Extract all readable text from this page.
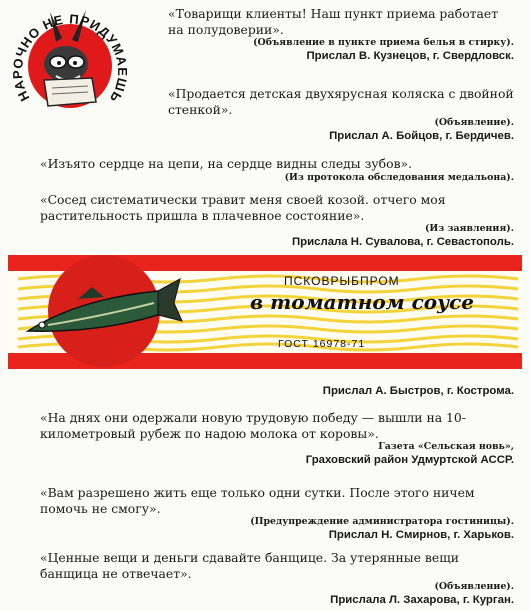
НАРОЧНО НЕ ПРИДУМАЕШЬ

«Товарищи клиенты! Наш пункт приема работает на полудоверии».

(Объявление в пункте приема белья в стирку).

Прислал В. Кузнецов, г. Свердловск.

«Продается детская двухярусная коляска с двойной стенкой».

(Объявление).

Прислал А. Бойцов, г. Бердичев.

«Изъято сердце на цепи, на сердце видны следы зубов».

(Из протокола обследования медальона).

«Сосед систематически травит меня своей козой. отчего моя растительность пришла в плачевное состояние».

(Из заявления).

Прислала Н. Сувалова, г. Севастополь.

ПСКОВРЫБПРОМ
в томатном соусе
ГОСТ 16978-71

Прислал А. Быстров, г. Кострома.

«На днях они одержали новую трудовую победу — вышли на 10-километровый рубеж по надою молока от коровы».

Газета «Сельская новь»,

Граховский район Удмуртской АССР.

«Вам разрешено жить еще только одни сутки. После этого ничем помочь не смогу».

(Предупреждение администратора гостиницы).

Прислал Н. Смирнов, г. Харьков.

«Ценные вещи и деньги сдавайте банщице. За утерянные вещи банщица не отвечает».

(Объявление).

Прислала Л. Захарова, г. Курган.
